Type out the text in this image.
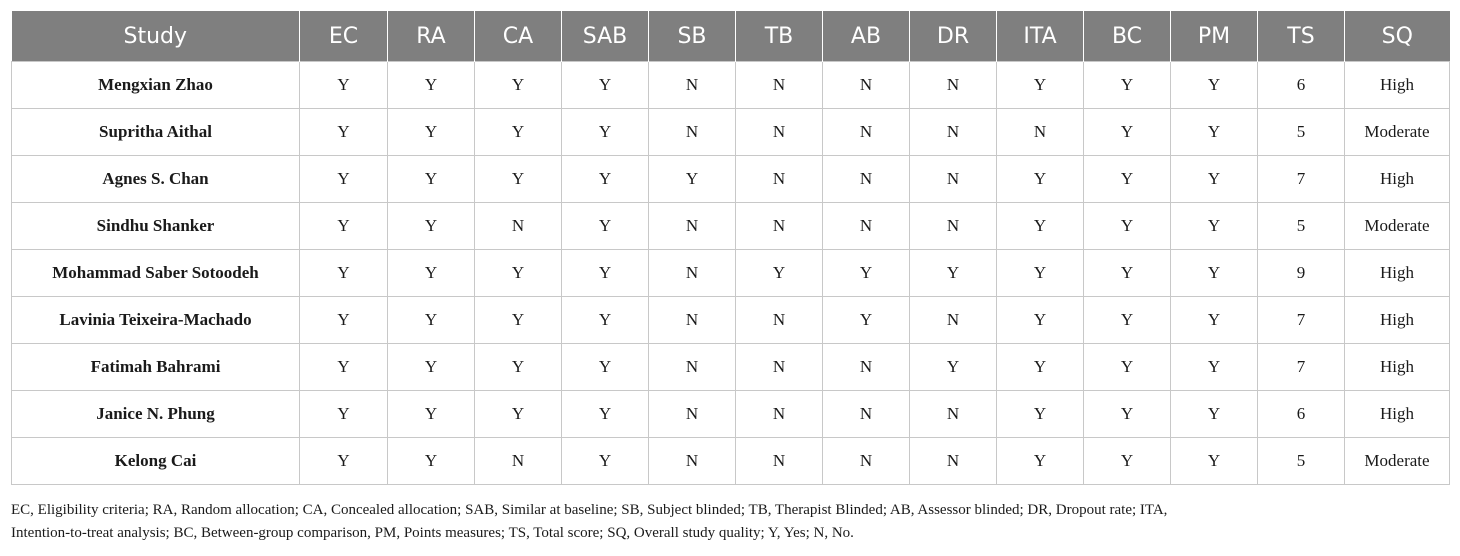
Study	EC	RA	CA	SAB	SB	TB	AB	DR	ITA	BC	PM	TS	SQ
Mengxian Zhao	Y	Y	Y	Y	N	N	N	N	Y	Y	Y	6	High
Supritha Aithal	Y	Y	Y	Y	N	N	N	N	N	Y	Y	5	Moderate
Agnes S. Chan	Y	Y	Y	Y	Y	N	N	N	Y	Y	Y	7	High
Sindhu Shanker	Y	Y	N	Y	N	N	N	N	Y	Y	Y	5	Moderate
Mohammad Saber Sotoodeh	Y	Y	Y	Y	N	Y	Y	Y	Y	Y	Y	9	High
Lavinia Teixeira-Machado	Y	Y	Y	Y	N	N	Y	N	Y	Y	Y	7	High
Fatimah Bahrami	Y	Y	Y	Y	N	N	N	Y	Y	Y	Y	7	High
Janice N. Phung	Y	Y	Y	Y	N	N	N	N	Y	Y	Y	6	High
Kelong Cai	Y	Y	N	Y	N	N	N	N	Y	Y	Y	5	Moderate
EC, Eligibility criteria; RA, Random allocation; CA, Concealed allocation; SAB, Similar at baseline; SB, Subject blinded; TB, Therapist Blinded; AB, Assessor blinded; DR, Dropout rate; ITA,
Intention-to-treat analysis; BC, Between-group comparison, PM, Points measures; TS, Total score; SQ, Overall study quality; Y, Yes; N, No.
